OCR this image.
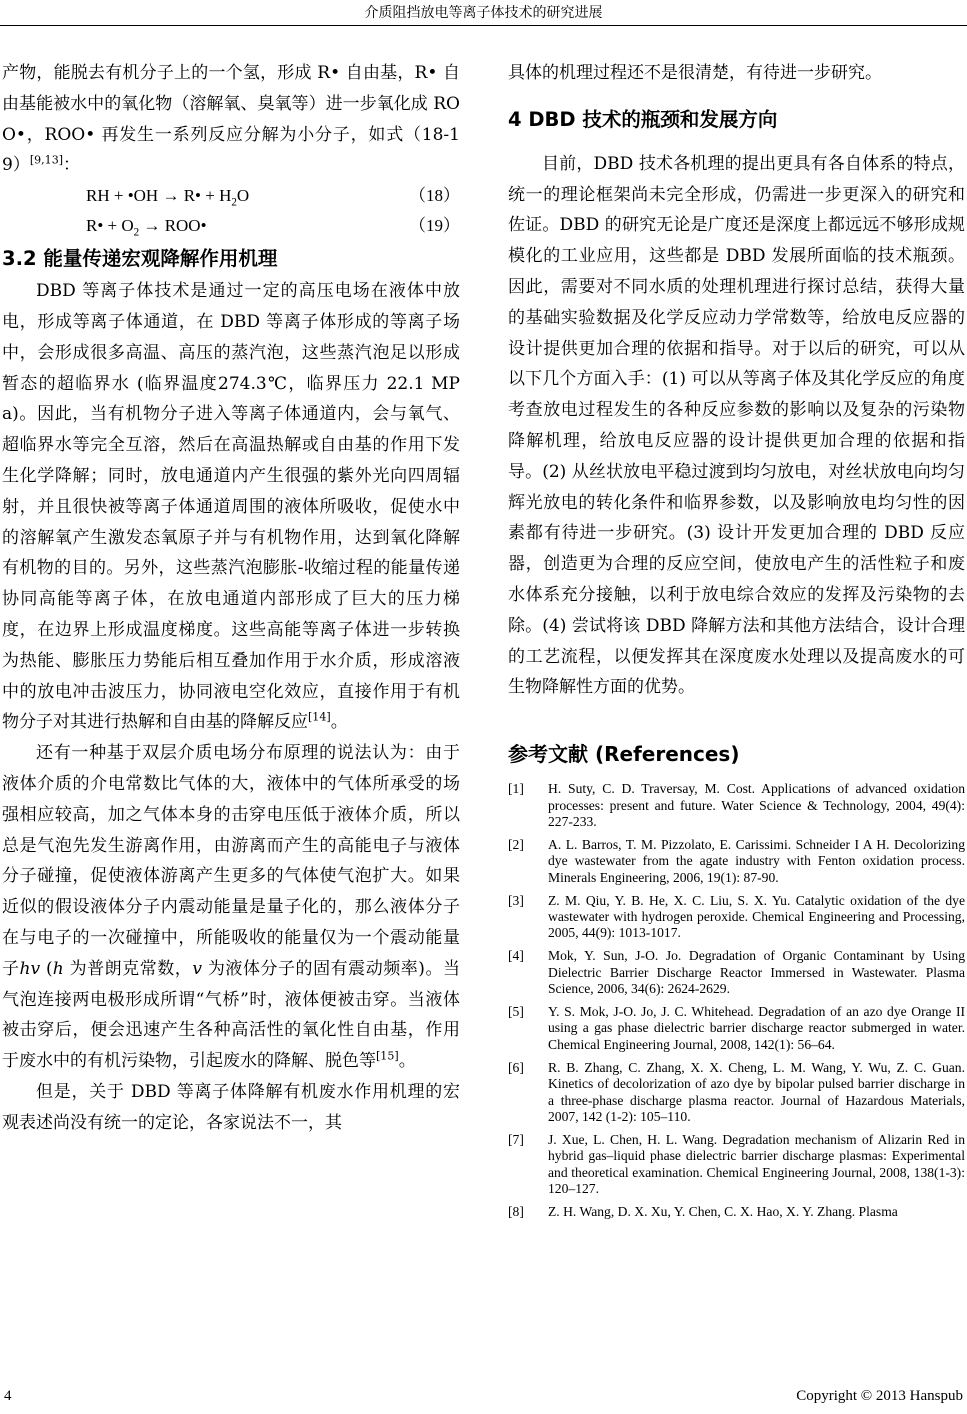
介质阻挡放电等离子体技术的研究进展

产物，能脱去有机分子上的一个氢，形成 R• 自由基，R• 自由基能被水中的氧化物（溶解氧、臭氧等）进一步氧化成 ROO•，ROO• 再发生一系列反应分解为小分子，如式（18-19）[9,13]：

RH + •OH → R• + $H_2O$	（18）
R• + $O_2$ → ROO•	（19）
3.2 能量传递宏观降解作用机理

DBD 等离子体技术是通过一定的高压电场在液体中放电，形成等离子体通道，在 DBD 等离子体形成的等离子场中，会形成很多高温、高压的蒸汽泡，这些蒸汽泡足以形成暂态的超临界水 (临界温度274.3℃，临界压力 22.1 MPa)。因此，当有机物分子进入等离子体通道内，会与氧气、超临界水等完全互溶，然后在高温热解或自由基的作用下发生化学降解；同时，放电通道内产生很强的紫外光向四周辐射，并且很快被等离子体通道周围的液体所吸收，促使水中的溶解氧产生激发态氧原子并与有机物作用，达到氧化降解有机物的目的。另外，这些蒸汽泡膨胀-收缩过程的能量传递协同高能等离子体，在放电通道内部形成了巨大的压力梯度，在边界上形成温度梯度。这些高能等离子体进一步转换为热能、膨胀压力势能后相互叠加作用于水介质，形成溶液中的放电冲击波压力，协同液电空化效应，直接作用于有机物分子对其进行热解和自由基的降解反应[14]。

还有一种基于双层介质电场分布原理的说法认为：由于液体介质的介电常数比气体的大，液体中的气体所承受的场强相应较高，加之气体本身的击穿电压低于液体介质，所以总是气泡先发生游离作用，由游离而产生的高能电子与液体分子碰撞，促使液体游离产生更多的气体使气泡扩大。如果近似的假设液体分子内震动能量是量子化的，那么液体分子在与电子的一次碰撞中，所能吸收的能量仅为一个震动能量子hv (h 为普朗克常数，v 为液体分子的固有震动频率)。当气泡连接两电极形成所谓“气桥”时，液体便被击穿。当液体被击穿后，便会迅速产生各种高活性的氧化性自由基，作用于废水中的有机污染物，引起废水的降解、脱色等[15]。

但是，关于 DBD 等离子体降解有机废水作用机理的宏观表述尚没有统一的定论，各家说法不一，其

具体的机理过程还不是很清楚，有待进一步研究。

4 DBD 技术的瓶颈和发展方向

目前，DBD 技术各机理的提出更具有各自体系的特点，统一的理论框架尚未完全形成，仍需进一步更深入的研究和佐证。DBD 的研究无论是广度还是深度上都远远不够形成规模化的工业应用，这些都是 DBD 发展所面临的技术瓶颈。因此，需要对不同水质的处理机理进行探讨总结，获得大量的基础实验数据及化学反应动力学常数等，给放电反应器的设计提供更加合理的依据和指导。对于以后的研究，可以从以下几个方面入手：(1) 可以从等离子体及其化学反应的角度考查放电过程发生的各种反应参数的影响以及复杂的污染物降解机理，给放电反应器的设计提供更加合理的依据和指导。(2) 从丝状放电平稳过渡到均匀放电，对丝状放电向均匀辉光放电的转化条件和临界参数，以及影响放电均匀性的因素都有待进一步研究。(3) 设计开发更加合理的 DBD 反应器，创造更为合理的反应空间，使放电产生的活性粒子和废水体系充分接触，以利于放电综合效应的发挥及污染物的去除。(4) 尝试将该 DBD 降解方法和其他方法结合，设计合理的工艺流程，以便发挥其在深度废水处理以及提高废水的可生物降解性方面的优势。

参考文献 (References)
[1]	H. Suty, C. D. Traversay, M. Cost. Applications of advanced oxidation processes: present and future. Water Science & Technology, 2004, 49(4): 227-233.
[2]	A. L. Barros, T. M. Pizzolato, E. Carissimi. Schneider I A H. Decolorizing dye wastewater from the agate industry with Fenton oxidation process. Minerals Engineering, 2006, 19(1): 87-90.
[3]	Z. M. Qiu, Y. B. He, X. C. Liu, S. X. Yu. Catalytic oxidation of the dye wastewater with hydrogen peroxide. Chemical Engineering and Processing, 2005, 44(9): 1013-1017.
[4]	Mok, Y. Sun, J-O. Jo. Degradation of Organic Contaminant by Using Dielectric Barrier Discharge Reactor Immersed in Wastewater. Plasma Science, 2006, 34(6): 2624-2629.
[5]	Y. S. Mok, J-O. Jo, J. C. Whitehead. Degradation of an azo dye Orange II using a gas phase dielectric barrier discharge reactor submerged in water. Chemical Engineering Journal, 2008, 142(1): 56–64.
[6]	R. B. Zhang, C. Zhang, X. X. Cheng, L. M. Wang, Y. Wu, Z. C. Guan. Kinetics of decolorization of azo dye by bipolar pulsed barrier discharge in a three-phase discharge plasma reactor. Journal of Hazardous Materials, 2007, 142 (1-2): 105–110.
[7]	J. Xue, L. Chen, H. L. Wang. Degradation mechanism of Alizarin Red in hybrid gas–liquid phase dielectric barrier discharge plasmas: Experimental and theoretical examination. Chemical Engineering Journal, 2008, 138(1-3): 120–127.
[8]	Z. H. Wang, D. X. Xu, Y. Chen, C. X. Hao, X. Y. Zhang. Plasma
4	Copyright © 2013 Hanspub
